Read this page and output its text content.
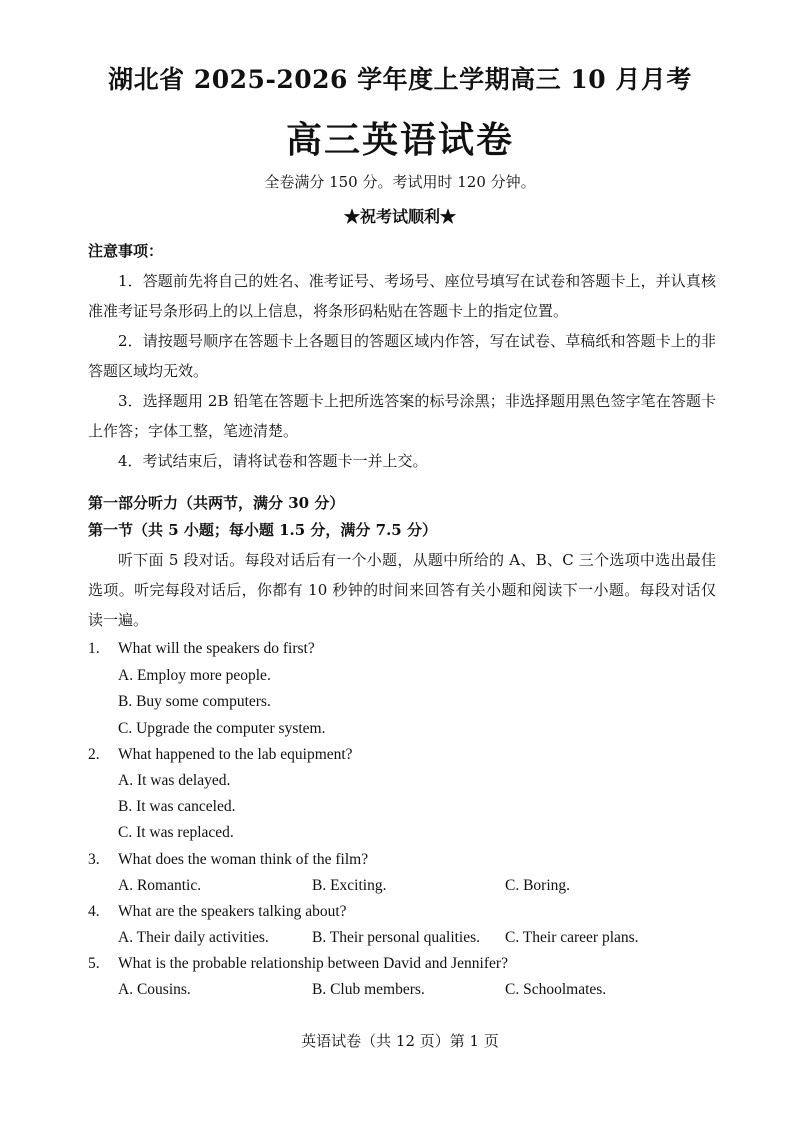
湖北省 2025-2026 学年度上学期高三 10 月月考
高三英语试卷
全卷满分 150 分。考试用时 120 分钟。
★祝考试顺利★
注意事项：
1．答题前先将自己的姓名、准考证号、考场号、座位号填写在试卷和答题卡上，并认真核准准考证号条形码上的以上信息，将条形码粘贴在答题卡上的指定位置。
2．请按题号顺序在答题卡上各题目的答题区域内作答，写在试卷、草稿纸和答题卡上的非答题区域均无效。
3．选择题用 2B 铅笔在答题卡上把所选答案的标号涂黑；非选择题用黑色签字笔在答题卡上作答；字体工整，笔迹清楚。
4．考试结束后，请将试卷和答题卡一并上交。
第一部分听力（共两节，满分 30 分）
第一节（共 5 小题；每小题 1.5 分，满分 7.5 分）
听下面 5 段对话。每段对话后有一个小题，从题中所给的 A、B、C 三个选项中选出最佳选项。听完每段对话后，你都有 10 秒钟的时间来回答有关小题和阅读下一小题。每段对话仅读一遍。
1.	What will the speakers do first?
A. Employ more people.
B. Buy some computers.
C. Upgrade the computer system.
2.	What happened to the lab equipment?
A. It was delayed.
B. It was canceled.
C. It was replaced.
3.	What does the woman think of the film?
A. Romantic.	B. Exciting.	C. Boring.
4.	What are the speakers talking about?
A. Their daily activities.	B. Their personal qualities. C. Their career plans.
5.	What is the probable relationship between David and Jennifer?
A. Cousins.	B. Club members.	C. Schoolmates.
英语试卷（共 12 页）第 1 页
